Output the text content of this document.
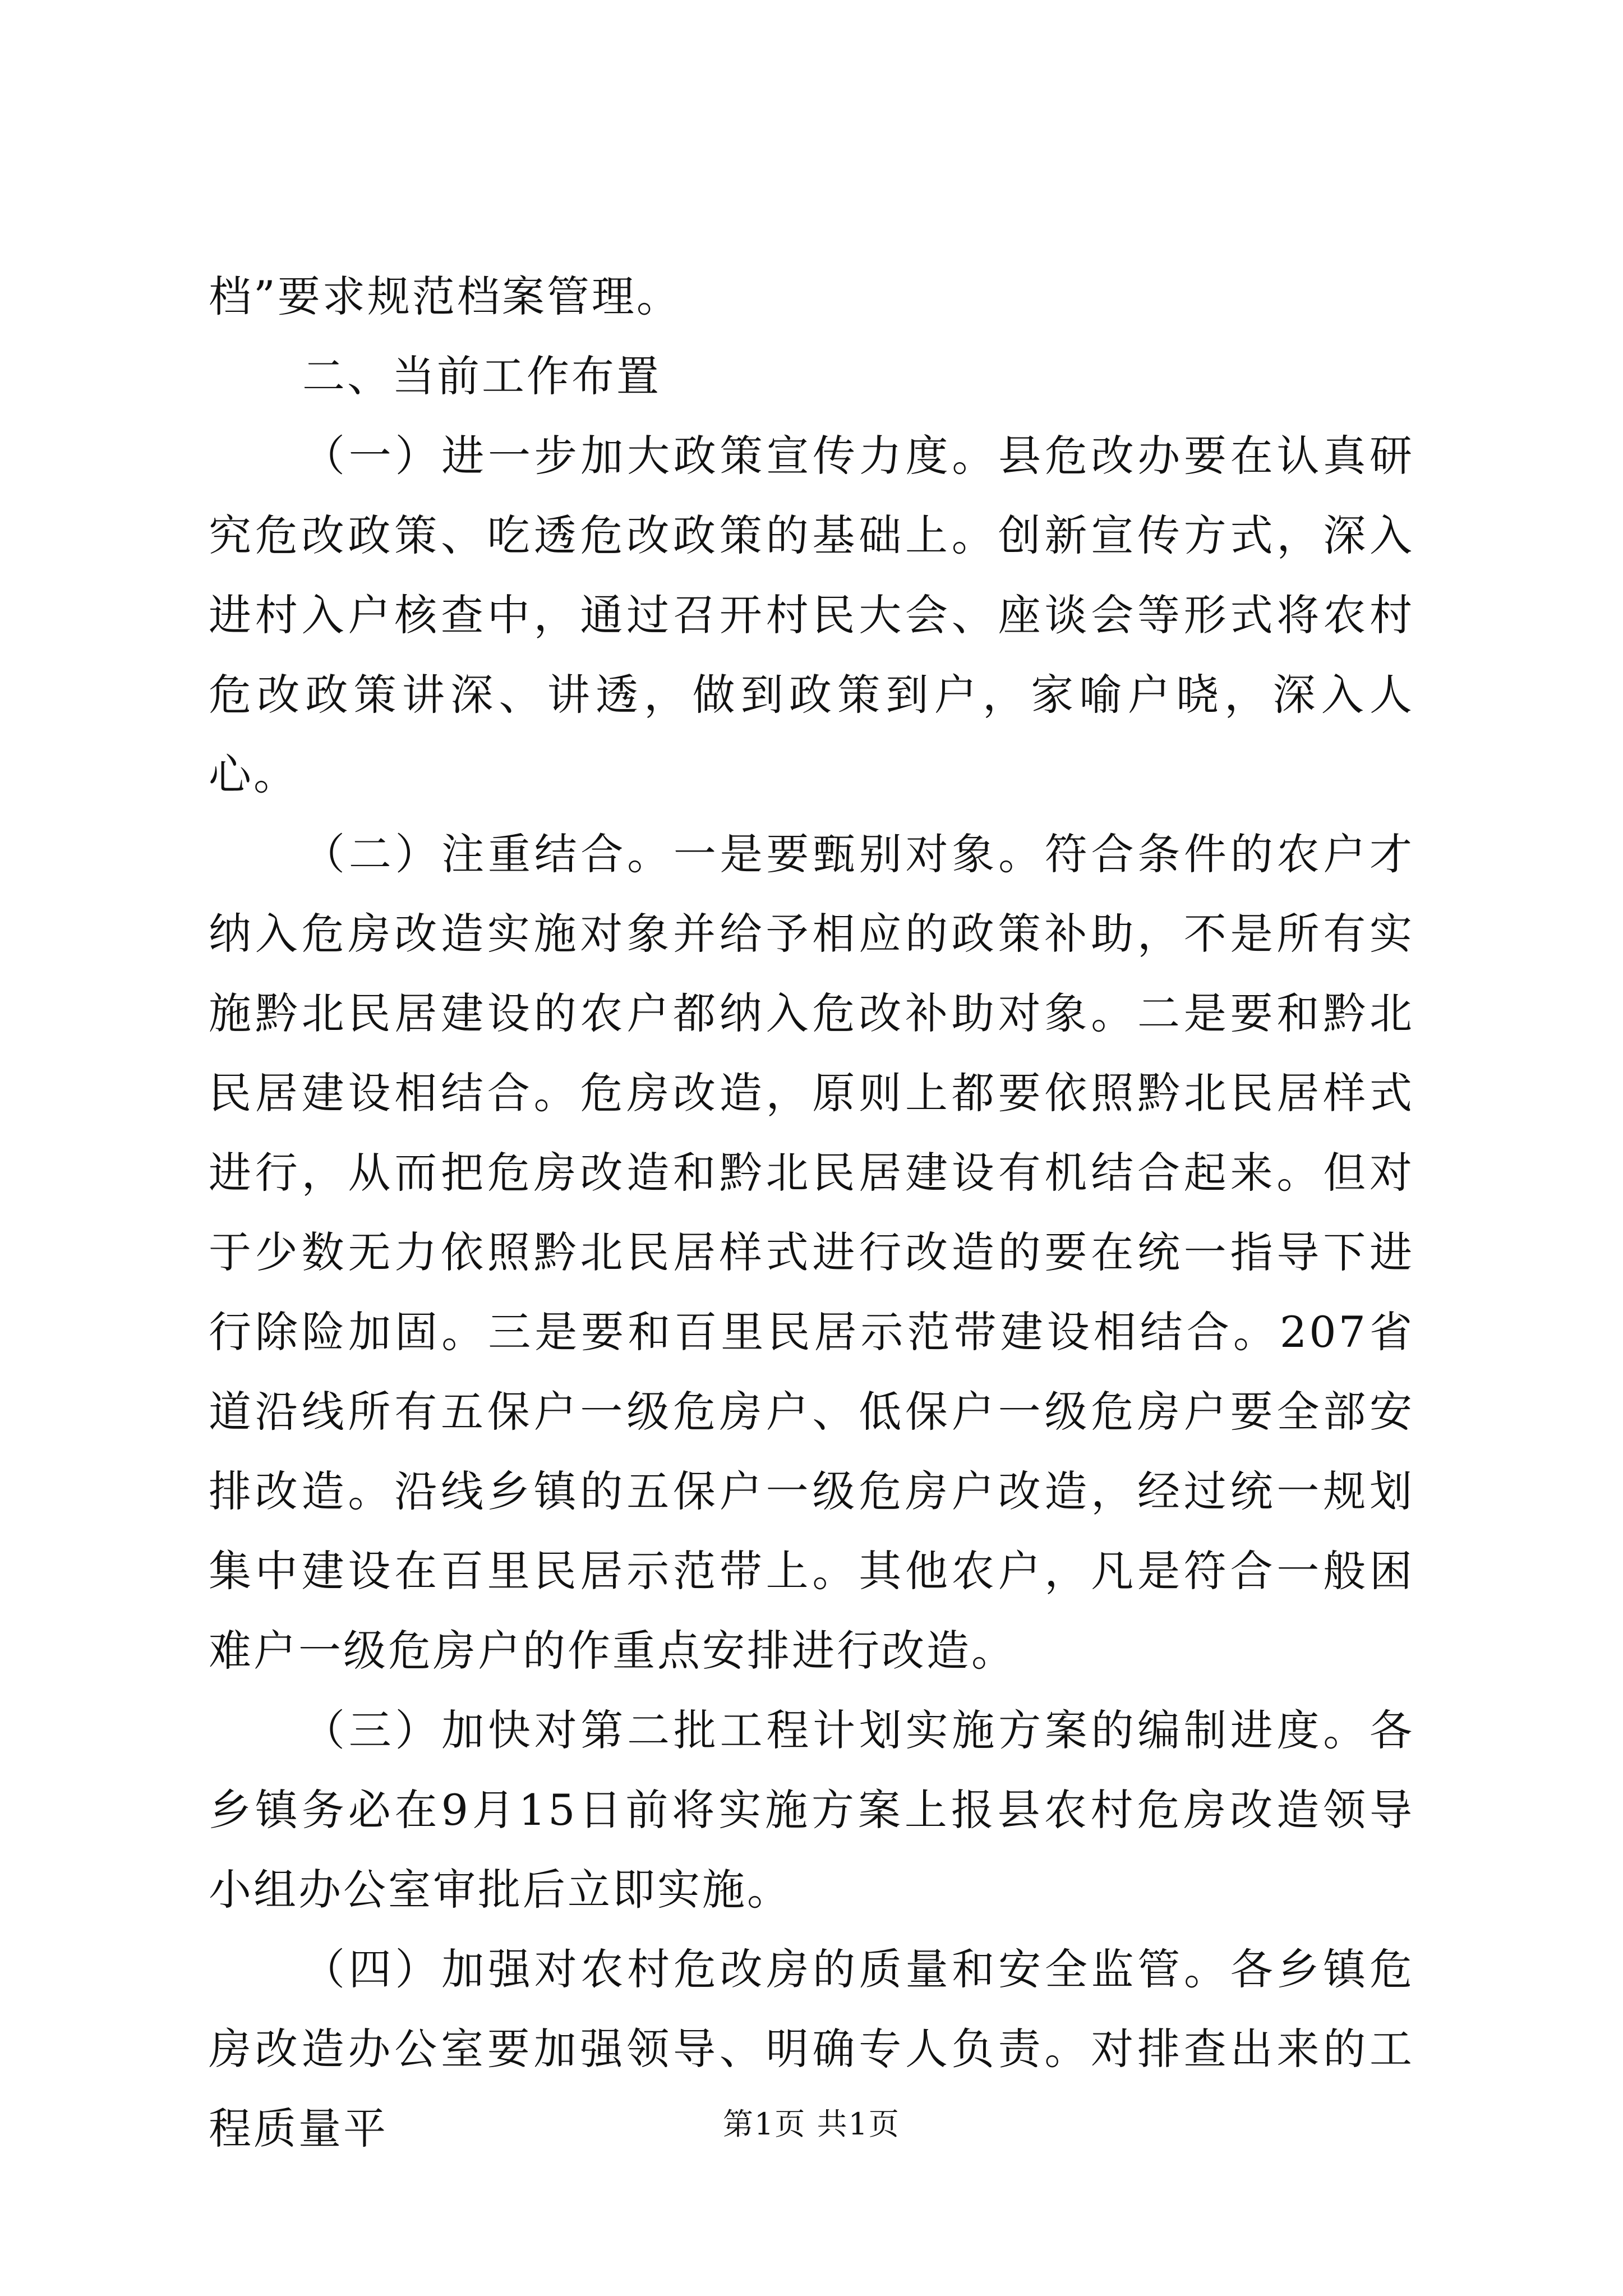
档”要求规范档案管理。

二、当前工作布置

（一）进一步加大政策宣传力度。县危改办要在认真研究危改政策、吃透危改政策的基础上。创新宣传方式，深入进村入户核查中，通过召开村民大会、座谈会等形式将农村危改政策讲深、讲透，做到政策到户，家喻户晓，深入人心。

（二）注重结合。一是要甄别对象。符合条件的农户才纳入危房改造实施对象并给予相应的政策补助，不是所有实施黔北民居建设的农户都纳入危改补助对象。二是要和黔北民居建设相结合。危房改造，原则上都要依照黔北民居样式进行，从而把危房改造和黔北民居建设有机结合起来。但对于少数无力依照黔北民居样式进行改造的要在统一指导下进行除险加固。三是要和百里民居示范带建设相结合。207省道沿线所有五保户一级危房户、低保户一级危房户要全部安排改造。沿线乡镇的五保户一级危房户改造，经过统一规划集中建设在百里民居示范带上。其他农户，凡是符合一般困难户一级危房户的作重点安排进行改造。

（三）加快对第二批工程计划实施方案的编制进度。各乡镇务必在9月15日前将实施方案上报县农村危房改造领导小组办公室审批后立即实施。

（四）加强对农村危改房的质量和安全监管。各乡镇危房改造办公室要加强领导、明确专人负责。对排查出来的工程质量平	第1页 共1页
